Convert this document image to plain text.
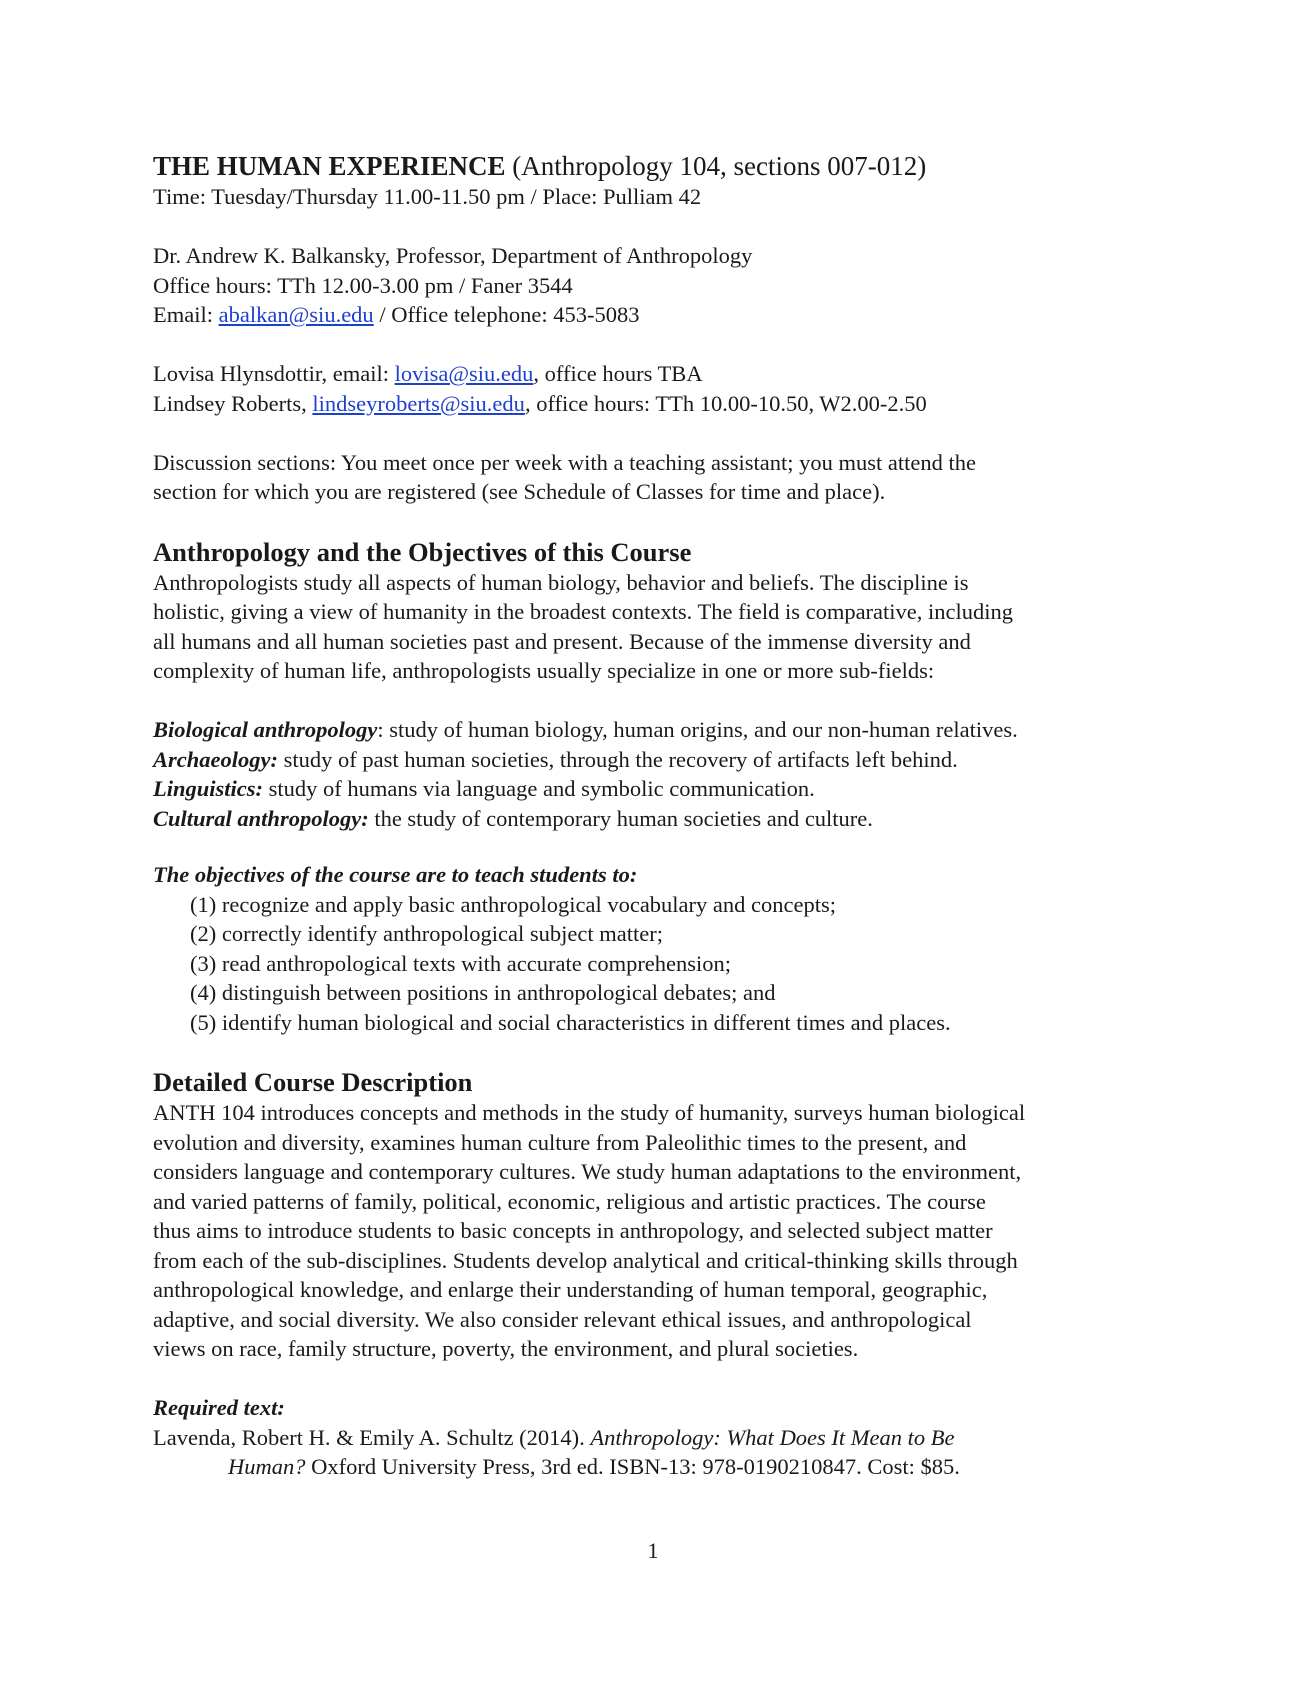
THE HUMAN EXPERIENCE (Anthropology 104, sections 007-012)
Time: Tuesday/Thursday 11.00-11.50 pm / Place: Pulliam 42
Dr. Andrew K. Balkansky, Professor, Department of Anthropology
Office hours: TTh 12.00-3.00 pm / Faner 3544
Email: abalkan@siu.edu / Office telephone: 453-5083
Lovisa Hlynsdottir, email: lovisa@siu.edu, office hours TBA
Lindsey Roberts, lindseyroberts@siu.edu, office hours: TTh 10.00-10.50, W2.00-2.50
Discussion sections: You meet once per week with a teaching assistant; you must attend the
section for which you are registered (see Schedule of Classes for time and place).
Anthropology and the Objectives of this Course
Anthropologists study all aspects of human biology, behavior and beliefs. The discipline is
holistic, giving a view of humanity in the broadest contexts. The field is comparative, including
all humans and all human societies past and present. Because of the immense diversity and
complexity of human life, anthropologists usually specialize in one or more sub-fields:
Biological anthropology: study of human biology, human origins, and our non-human relatives.
Archaeology: study of past human societies, through the recovery of artifacts left behind.
Linguistics: study of humans via language and symbolic communication.
Cultural anthropology: the study of contemporary human societies and culture.
The objectives of the course are to teach students to:
(1) recognize and apply basic anthropological vocabulary and concepts;
(2) correctly identify anthropological subject matter;
(3) read anthropological texts with accurate comprehension;
(4) distinguish between positions in anthropological debates; and
(5) identify human biological and social characteristics in different times and places.
Detailed Course Description
ANTH 104 introduces concepts and methods in the study of humanity, surveys human biological
evolution and diversity, examines human culture from Paleolithic times to the present, and
considers language and contemporary cultures. We study human adaptations to the environment,
and varied patterns of family, political, economic, religious and artistic practices. The course
thus aims to introduce students to basic concepts in anthropology, and selected subject matter
from each of the sub-disciplines. Students develop analytical and critical-thinking skills through
anthropological knowledge, and enlarge their understanding of human temporal, geographic,
adaptive, and social diversity. We also consider relevant ethical issues, and anthropological
views on race, family structure, poverty, the environment, and plural societies.
Required text:
Lavenda, Robert H. & Emily A. Schultz (2014). Anthropology: What Does It Mean to Be
Human? Oxford University Press, 3rd ed. ISBN-13: 978-0190210847. Cost: $85.
1
